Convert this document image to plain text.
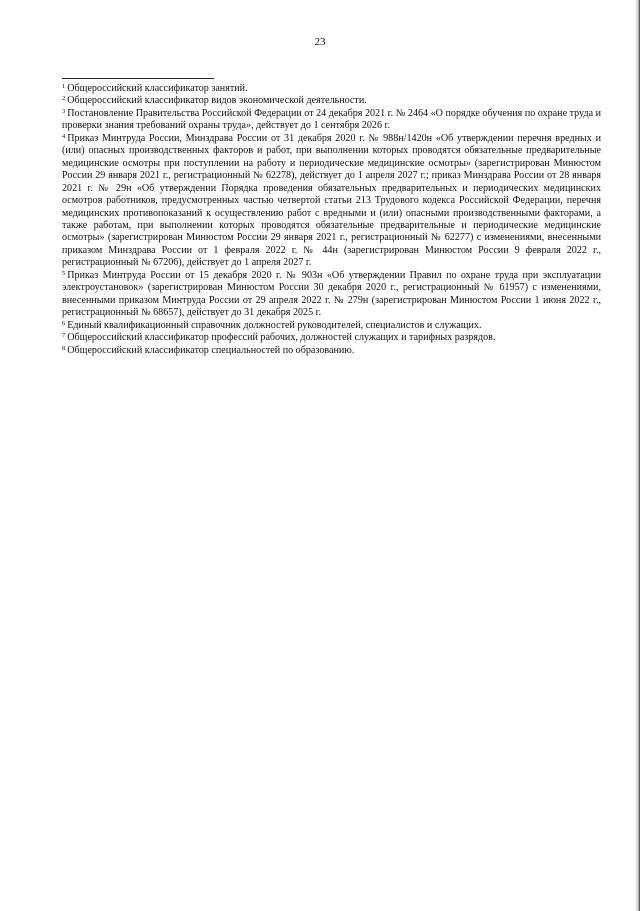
23

$^1$ Общероссийский классификатор занятий.

$^2$ Общероссийский классификатор видов экономической деятельности.

$^3$ Постановление Правительства Российской Федерации от 24 декабря 2021 г. № 2464 «О порядке обучения по охране труда и проверки знания требований охраны труда», действует до 1 сентября 2026 г.

$^4$ Приказ Минтруда России, Минздрава России от 31 декабря 2020 г. № 988н/1420н «Об утверждении перечня вредных и (или) опасных производственных факторов и работ, при выполнении которых проводятся обязательные предварительные медицинские осмотры при поступлении на работу и периодические медицинские осмотры» (зарегистрирован Минюстом России 29 января 2021 г., регистрационный № 62278), действует до 1 апреля 2027 г.; приказ Минздрава России от 28 января 2021 г. № 29н «Об утверждении Порядка проведения обязательных предварительных и периодических медицинских осмотров работников, предусмотренных частью четвертой статьи 213 Трудового кодекса Российской Федерации, перечня медицинских противопоказаний к осуществлению работ с вредными и (или) опасными производственными факторами, а также работам, при выполнении которых проводятся обязательные предварительные и периодические медицинские осмотры» (зарегистрирован Минюстом России 29 января 2021 г., регистрационный № 62277) с изменениями, внесенными приказом Минздрава России от 1 февраля 2022 г. № 44н (зарегистрирован Минюстом России 9 февраля 2022 г., регистрационный № 67206), действует до 1 апреля 2027 г.

$^5$ Приказ Минтруда России от 15 декабря 2020 г. № 903н «Об утверждении Правил по охране труда при эксплуатации электроустановок» (зарегистрирован Минюстом России 30 декабря 2020 г., регистрационный № 61957) с изменениями, внесенными приказом Минтруда России от 29 апреля 2022 г. № 279н (зарегистрирован Минюстом России 1 июня 2022 г., регистрационный № 68657), действует до 31 декабря 2025 г.

$^6$ Единый квалификационный справочник должностей руководителей, специалистов и служащих.

$^7$ Общероссийский классификатор профессий рабочих, должностей служащих и тарифных разрядов.

$^8$ Общероссийский классификатор специальностей по образованию.
